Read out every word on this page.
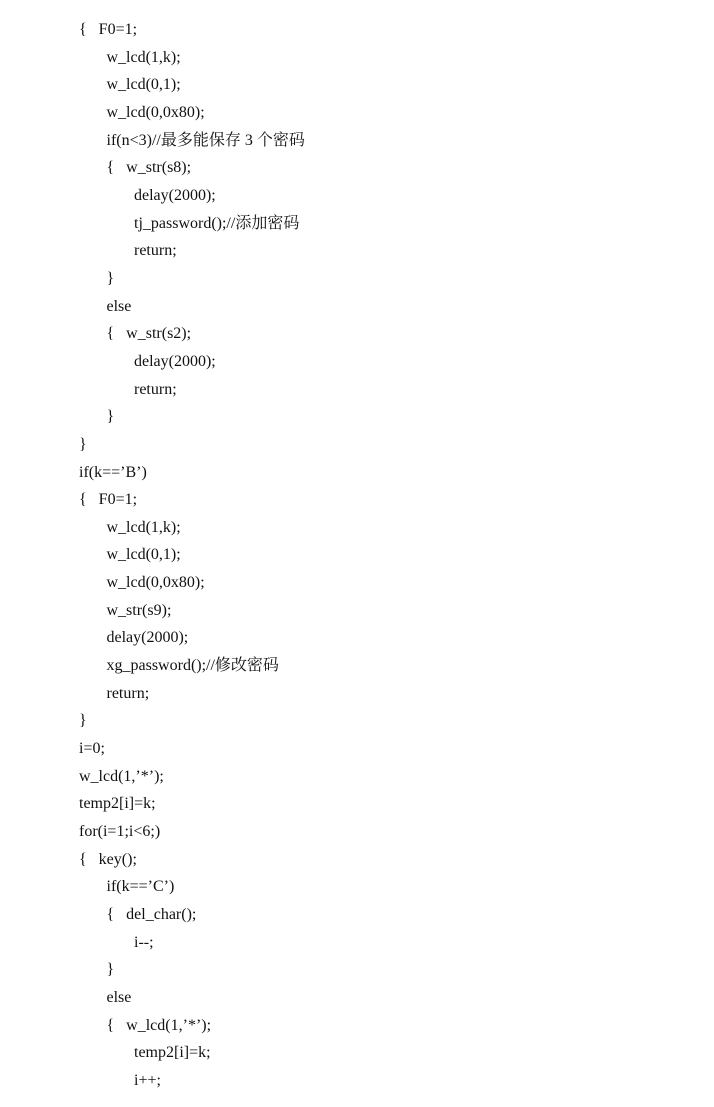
{   F0=1;
w_lcd(1,k);
w_lcd(0,1);
w_lcd(0,0x80);
if(n<3)//最多能保存 3 个密码
{   w_str(s8);
delay(2000);
tj_password();//添加密码
return;
}
else
{   w_str(s2);
delay(2000);
return;
}
}
if(k==’B’)
{   F0=1;
w_lcd(1,k);
w_lcd(0,1);
w_lcd(0,0x80);
w_str(s9);
delay(2000);
xg_password();//修改密码
return;
}
i=0;
w_lcd(1,’*’);
temp2[i]=k;
for(i=1;i<6;)
{   key();
if(k==’C’)
{   del_char();
i--;
}
else
{   w_lcd(1,’*’);
temp2[i]=k;
i++;
